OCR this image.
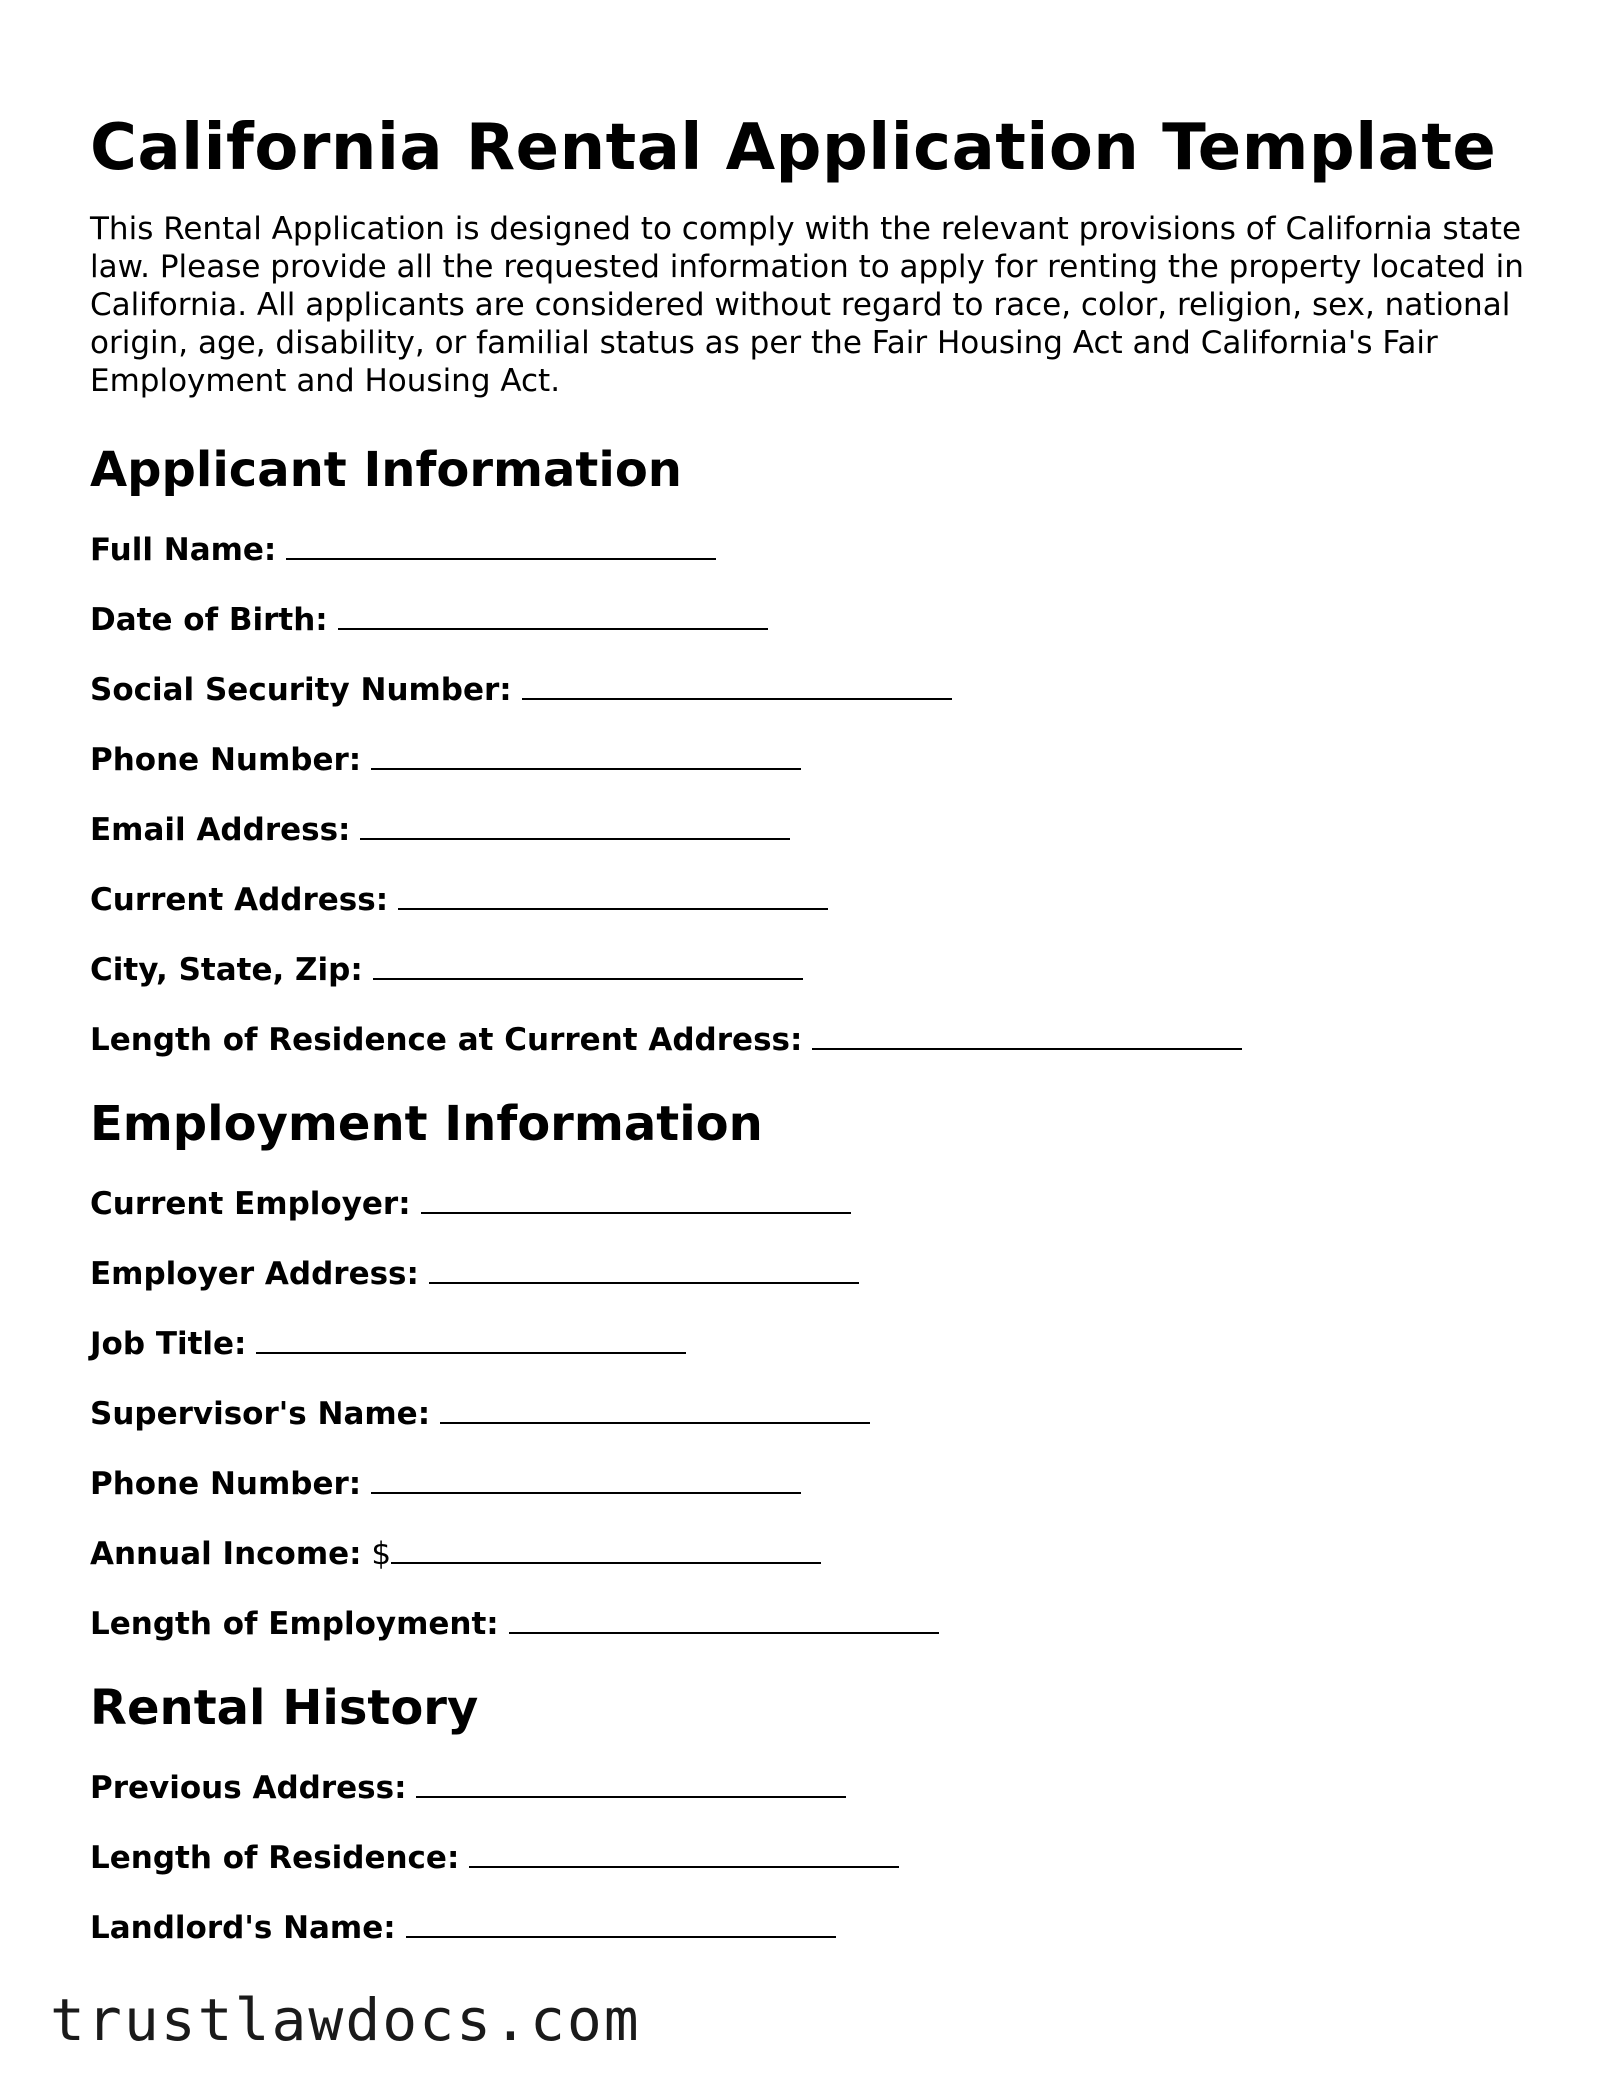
California Rental Application Template

This Rental Application is designed to comply with the relevant provisions of California state law. Please provide all the requested information to apply for renting the property located in California. All applicants are considered without regard to race, color, religion, sex, national origin, age, disability, or familial status as per the Fair Housing Act and California's Fair Employment and Housing Act.

Applicant Information
Full Name:
Date of Birth:
Social Security Number:
Phone Number:
Email Address:
Current Address:
City, State, Zip:
Length of Residence at Current Address:
Employment Information
Current Employer:
Employer Address:
Job Title:
Supervisor's Name:
Phone Number:
Annual Income: $
Length of Employment:
Rental History
Previous Address:
Length of Residence:
Landlord's Name:
trustlawdocs.com
